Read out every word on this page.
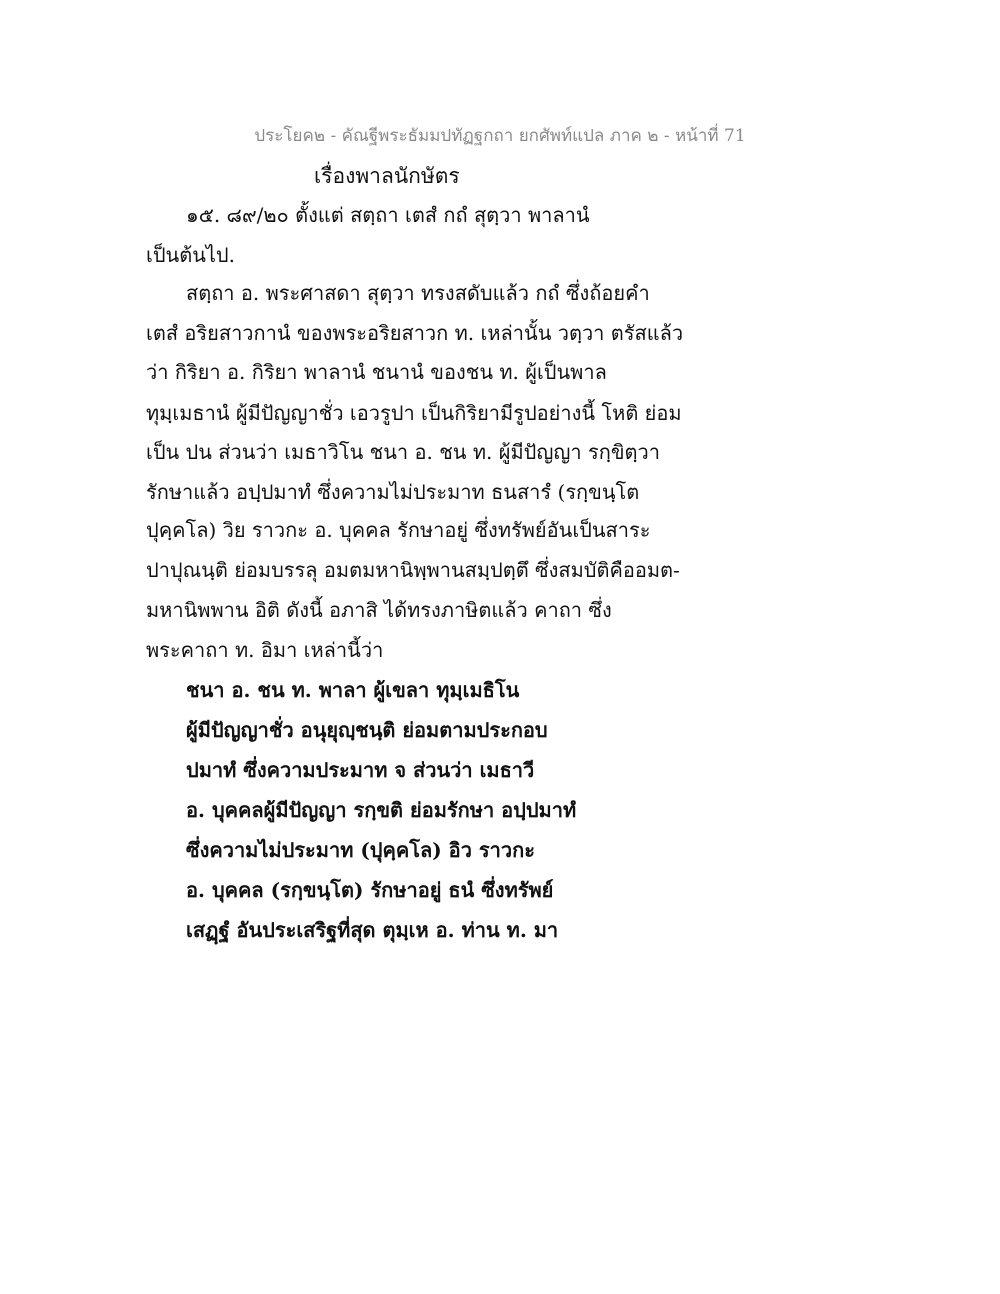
ประโยค๒ - คัณฐีพระธัมมปทัฏฐกถา ยกศัพท์แปล ภาค ๒ - หน้าที่ 71
เรื่องพาลนักษัตร
๑๕. ๘๙/๒๐ ตั้งแต่ สตฺถา เตสํ กถํ สุตฺวา พาลานํ
เป็นต้นไป.
สตฺถา อ. พระศาสดา สุตฺวา ทรงสดับแล้ว กถํ ซึ่งถ้อยคำ
เตสํ อริยสาวกานํ ของพระอริยสาวก ท. เหล่านั้น วตฺวา ตรัสแล้ว
ว่า กิริยา อ. กิริยา พาลานํ ชนานํ ของชน ท. ผู้เป็นพาล
ทุมฺเมธานํ ผู้มีปัญญาชั่ว เอวรูปา เป็นกิริยามีรูปอย่างนี้ โหติ ย่อม
เป็น ปน ส่วนว่า เมธาวิโน ชนา อ. ชน ท. ผู้มีปัญญา รกฺขิตฺวา
รักษาแล้ว อปฺปมาทํ ซึ่งความไม่ประมาท ธนสารํ (รกฺขนฺโต
ปุคฺคโล) วิย ราวกะ อ. บุคคล รักษาอยู่ ซึ่งทรัพย์อันเป็นสาระ
ปาปุณนฺติ ย่อมบรรลุ อมตมหานิพฺพานสมฺปตฺตึ ซึ่งสมบัติคืออมต-
มหานิพพาน อิติ ดังนี้ อภาสิ ได้ทรงภาษิตแล้ว คาถา ซึ่ง
พระคาถา ท. อิมา เหล่านี้ว่า
ชนา อ. ชน ท. พาลา ผู้เขลา ทุมฺเมธิโน
ผู้มีปัญญาชั่ว อนุยุญฺชนฺติ ย่อมตามประกอบ
ปมาทํ ซึ่งความประมาท จ ส่วนว่า เมธาวี
อ. บุคคลผู้มีปัญญา รกฺขติ ย่อมรักษา อปฺปมาทํ
ซึ่งความไม่ประมาท (ปุคฺคโล) อิว ราวกะ
อ. บุคคล (รกฺขนฺโต) รักษาอยู่ ธนํ ซึ่งทรัพย์
เสฏฺฐํ อันประเสริฐที่สุด ตุมฺเห อ. ท่าน ท. มา
